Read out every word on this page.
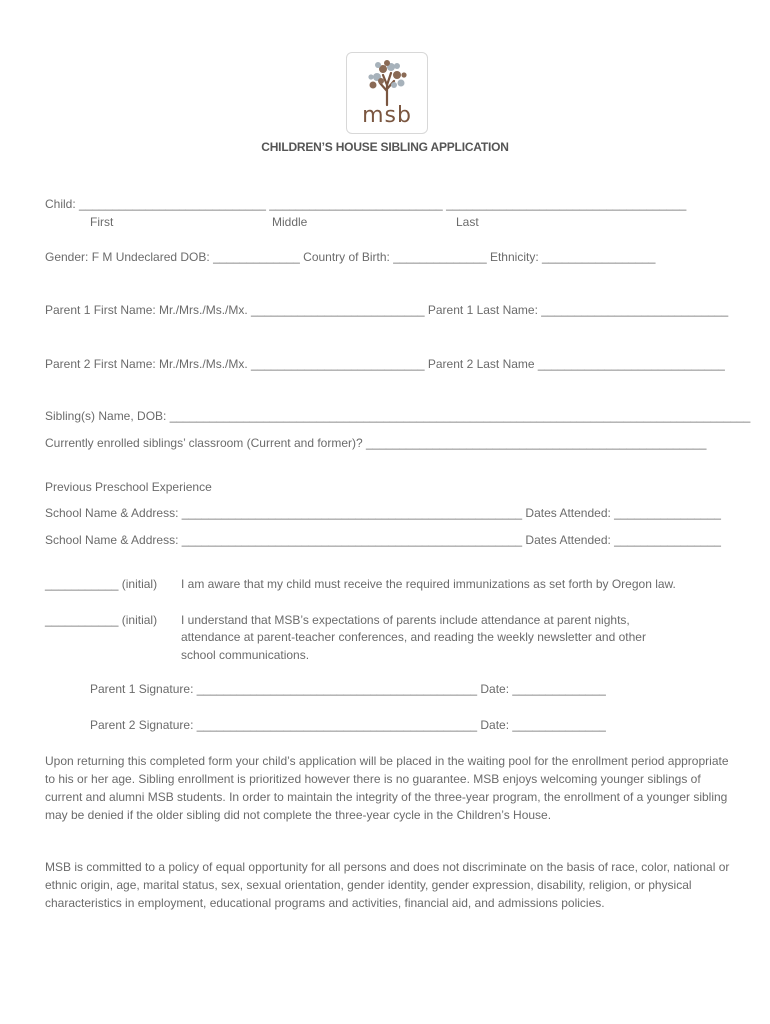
msb
CHILDREN’S HOUSE SIBLING APPLICATION
Child: ____________________________ __________________________ ____________________________________
First	Middle	Last
Gender: F M Undeclared DOB: _____________ Country of Birth: ______________ Ethnicity: _________________
Parent 1 First Name: Mr./Mrs./Ms./Mx. __________________________ Parent 1 Last Name: ____________________________
Parent 2 First Name: Mr./Mrs./Ms./Mx. __________________________ Parent 2 Last Name ____________________________
Sibling(s) Name, DOB: _______________________________________________________________________________________
Currently enrolled siblings’ classroom (Current and former)? ___________________________________________________
Previous Preschool Experience
School Name & Address: ___________________________________________________ Dates Attended: ________________
School Name & Address: ___________________________________________________ Dates Attended: ________________
___________ (initial) I am aware that my child must receive the required immunizations as set forth by Oregon law.
___________ (initial) I understand that MSB’s expectations of parents include attendance at parent nights,
attendance at parent-teacher conferences, and reading the weekly newsletter and other
school communications.
Parent 1 Signature: __________________________________________ Date: ______________
Parent 2 Signature: __________________________________________ Date: ______________
Upon returning this completed form your child’s application will be placed in the waiting pool for the enrollment period appropriate to his or her age. Sibling enrollment is prioritized however there is no guarantee. MSB enjoys welcoming younger siblings of current and alumni MSB students. In order to maintain the integrity of the three-year program, the enrollment of a younger sibling may be denied if the older sibling did not complete the three-year cycle in the Children’s House.
MSB is committed to a policy of equal opportunity for all persons and does not discriminate on the basis of race, color, national or ethnic origin, age, marital status, sex, sexual orientation, gender identity, gender expression, disability, religion, or physical characteristics in employment, educational programs and activities, financial aid, and admissions policies.
